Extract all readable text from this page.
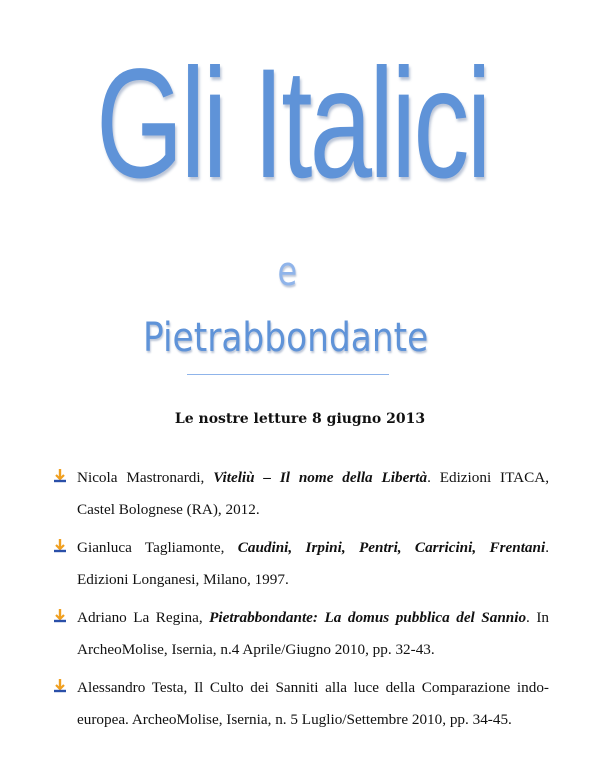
Gli Italici
e
Pietrabbondante
Le nostre letture 8 giugno 2013
Nicola Mastronardi, Viteliù – Il nome della Libertà. Edizioni ITACA,
Castel Bolognese (RA), 2012.
Gianluca Tagliamonte, Caudini, Irpini, Pentri, Carricini, Frentani.
Edizioni Longanesi, Milano, 1997.
Adriano La Regina, Pietrabbondante: La domus pubblica del Sannio. In
ArcheoMolise, Isernia, n.4 Aprile/Giugno 2010, pp. 32-43.
Alessandro Testa, Il Culto dei Sanniti alla luce della Comparazione indo-
europea. ArcheoMolise, Isernia, n. 5 Luglio/Settembre 2010, pp. 34-45.
